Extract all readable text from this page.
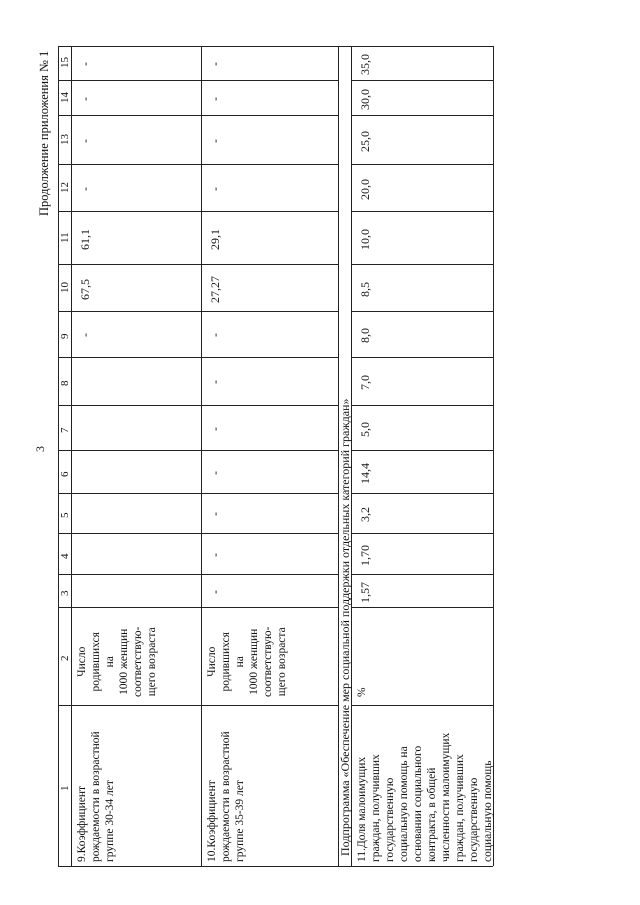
3
Продолжение приложения № 1
1
2
3
4
5
6
7
8
9
10
11
12
13
14
15
9.Коэффициент рождаемости в возрастной группе 30-34 лет
Число родившихся на 1000 женщин соответствую- щего возраста
-
67,5
61,1
-
-
-
-
10.Коэффициент рождаемости в возрастной группе 35-39 лет
Число родившихся на 1000 женщин соответствую- щего возраста
-
-
-
-
-
-
-
27,27
29,1
-
-
-
-
11.Доля малоимущих граждан, получивших государственную социальную помощь на основании социального контракта, в общей численности малоимущих граждан, получивших государственную социальную помощь
%
1,57
1,70
3,2
14,4
5,0
7,0
8,0
8,5
10,0
20,0
25,0
30,0
35,0
Подпрограмма «Обеспечение мер социальной поддержки отдельных категорий граждан»
